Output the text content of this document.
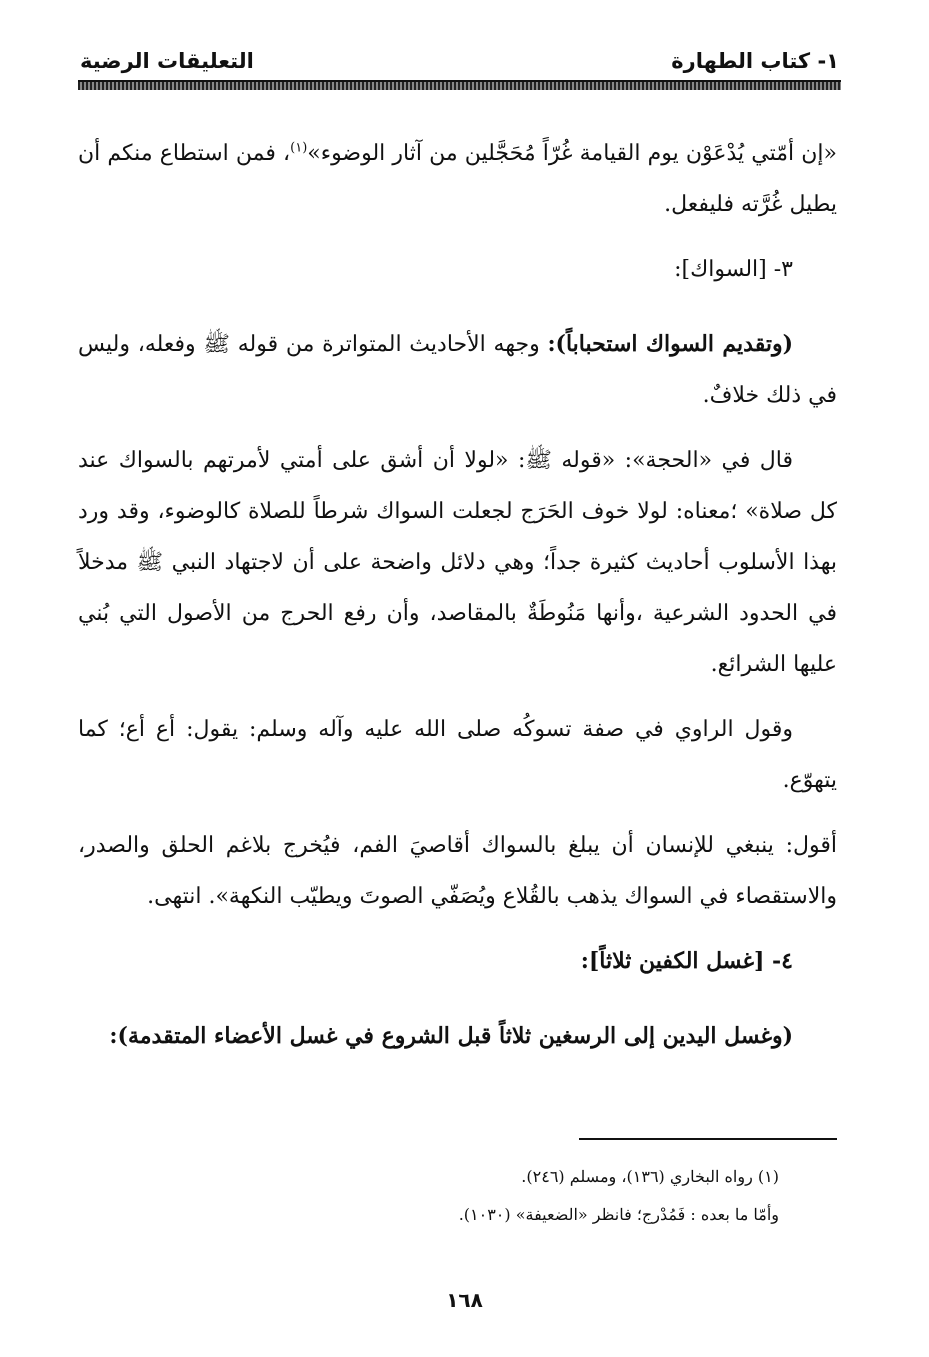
١- كتاب الطهارة
التعليقات الرضية

«إن أمّتي يُدْعَوْن يوم القيامة غُرّاً مُحَجَّلين من آثار الوضوء»$^{(١)}$، فمن استطاع منكم أن يطيل غُرَّته فليفعل.

٣- [السواك]:

(وتقديم السواك استحباباً): وجهه الأحاديث المتواترة من قوله ﷺ وفعله، وليس في ذلك خلافٌ.

قال في «الحجة»: «قوله ﷺ: «لولا أن أشق على أمتي لأمرتهم بالسواك عند كل صلاة» ؛معناه: لولا خوف الحَرَج لجعلت السواك شرطاً للصلاة كالوضوء، وقد ورد بهذا الأسلوب أحاديث كثيرة جداً؛ وهي دلائل واضحة على أن لاجتهاد النبي ﷺ مدخلاً في الحدود الشرعية ،وأنها مَنُوطَةٌ بالمقاصد، وأن رفع الحرج من الأصول التي بُني عليها الشرائع.

وقول الراوي في صفة تسوكُه صلى الله عليه وآله وسلم: يقول: أع أع؛ كما يتهوّع.

أقول: ينبغي للإنسان أن يبلغ بالسواك أقاصيَ الفم، فيُخرج بلاغم الحلق والصدر، والاستقصاء في السواك يذهب بالقُلاع ويُصَفّي الصوتَ ويطيّب النكهة». انتهى.

٤- [غسل الكفين ثلاثاً]:

(وغسل اليدين إلى الرسغين ثلاثاً قبل الشروع في غسل الأعضاء المتقدمة):

(١) رواه البخاري (١٣٦)، ومسلم (٢٤٦).
وأمّا ما بعده : فَمُدْرج؛ فانظر «الضعيفة» (١٠٣٠).
١٦٨
